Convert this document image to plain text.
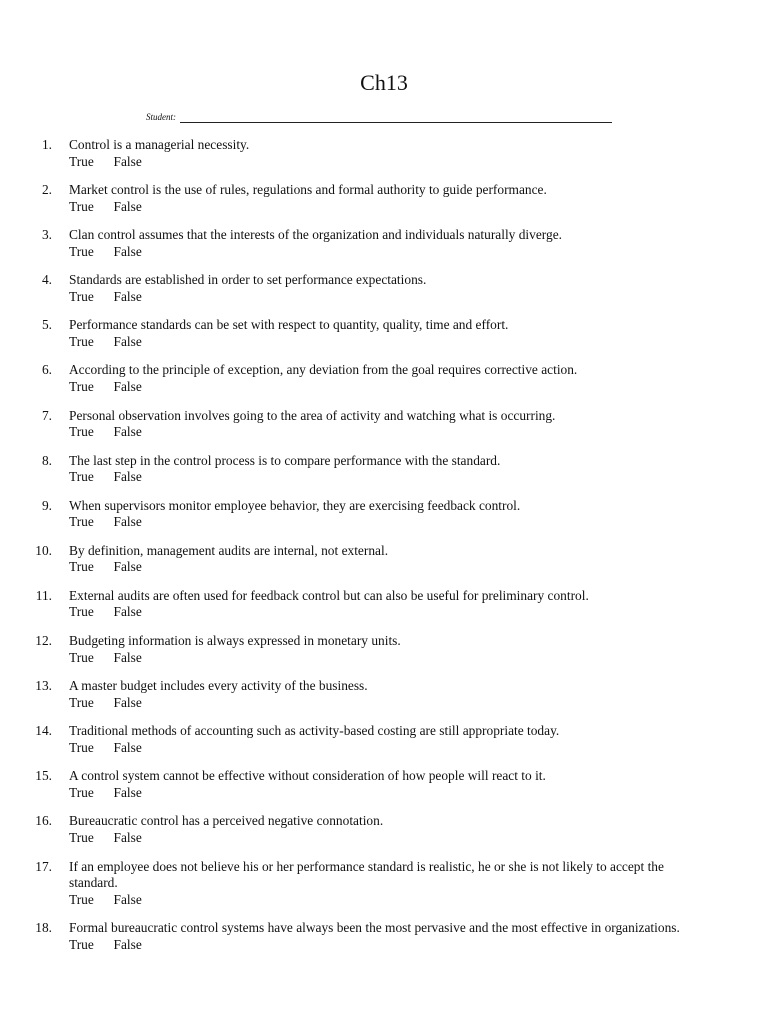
Ch13
Student:
1. Control is a managerial necessity.
True	False
2. Market control is the use of rules, regulations and formal authority to guide performance.
True	False
3. Clan control assumes that the interests of the organization and individuals naturally diverge.
True	False
4. Standards are established in order to set performance expectations.
True	False
5. Performance standards can be set with respect to quantity, quality, time and effort.
True	False
6. According to the principle of exception, any deviation from the goal requires corrective action.
True	False
7. Personal observation involves going to the area of activity and watching what is occurring.
True	False
8. The last step in the control process is to compare performance with the standard.
True	False
9. When supervisors monitor employee behavior, they are exercising feedback control.
True	False
10. By definition, management audits are internal, not external.
True	False
11. External audits are often used for feedback control but can also be useful for preliminary control.
True	False
12. Budgeting information is always expressed in monetary units.
True	False
13. A master budget includes every activity of the business.
True	False
14. Traditional methods of accounting such as activity-based costing are still appropriate today.
True	False
15. A control system cannot be effective without consideration of how people will react to it.
True	False
16. Bureaucratic control has a perceived negative connotation.
True	False
17. If an employee does not believe his or her performance standard is realistic, he or she is not likely to accept the standard.
True	False
18. Formal bureaucratic control systems have always been the most pervasive and the most effective in organizations.
True	False
